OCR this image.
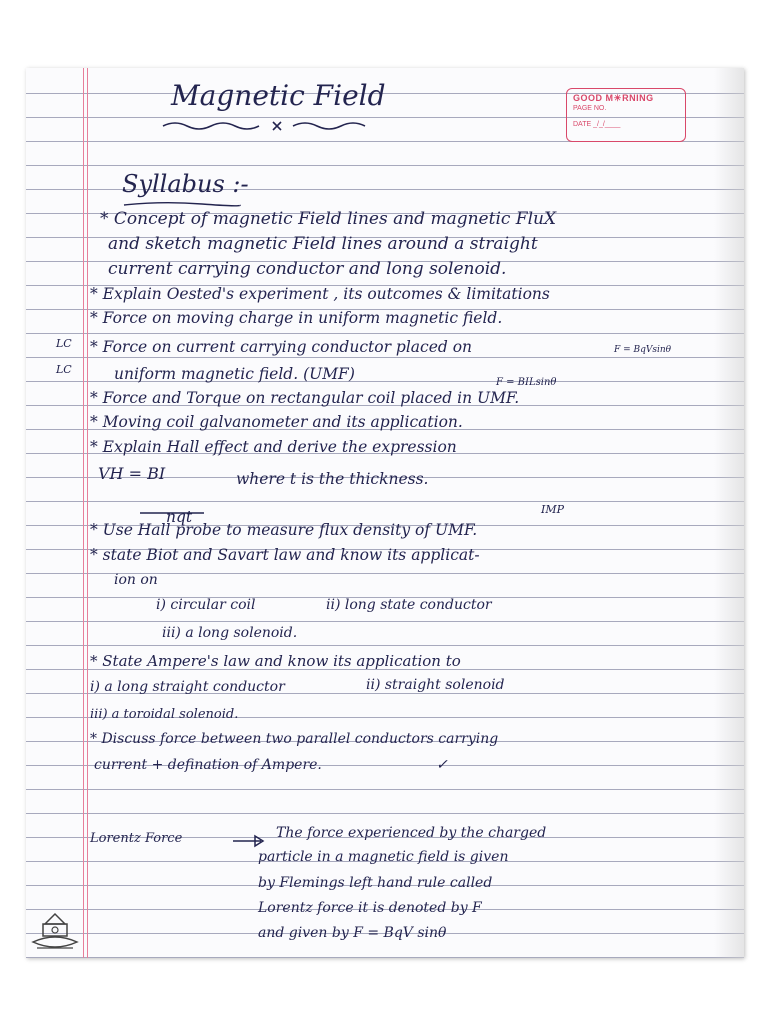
GOOD M☀RNING
PAGE NO.
DATE _/_/____

Magnetic Field

Syllabus :-

* Concept of magnetic Field lines and magnetic FluX

and sketch magnetic Field lines around a straight

current carrying conductor and long solenoid.

* Explain Oested's experiment , its outcomes & limitations

* Force on moving charge in uniform magnetic field.

* Force on current carrying conductor placed on

uniform magnetic field. (UMF)

* Force and Torque on rectangular coil placed in UMF.

* Moving coil galvanometer and its application.

* Explain Hall effect and derive the expression

VH = BI	where t is the thickness.

nqt

* Use Hall probe to measure flux density of UMF.

* state Biot and Savart law and know its applicat-

ion on

i) circular coil	ii) long state conductor

iii) a long solenoid.

* State Ampere's law and know its application to

i) a long straight conductor	ii) straight solenoid

iii) a toroidal solenoid.

* Discuss force between two parallel conductors carrying

current + defination of Ampere.

Lorentz Force	The force experienced by the charged

particle in a magnetic field is given

by Flemings left hand rule called

Lorentz force it is denoted by F

and given by F = BqV sinθ

LC

LC

F = BqVsinθ

F = BILsinθ

IMP

✓
